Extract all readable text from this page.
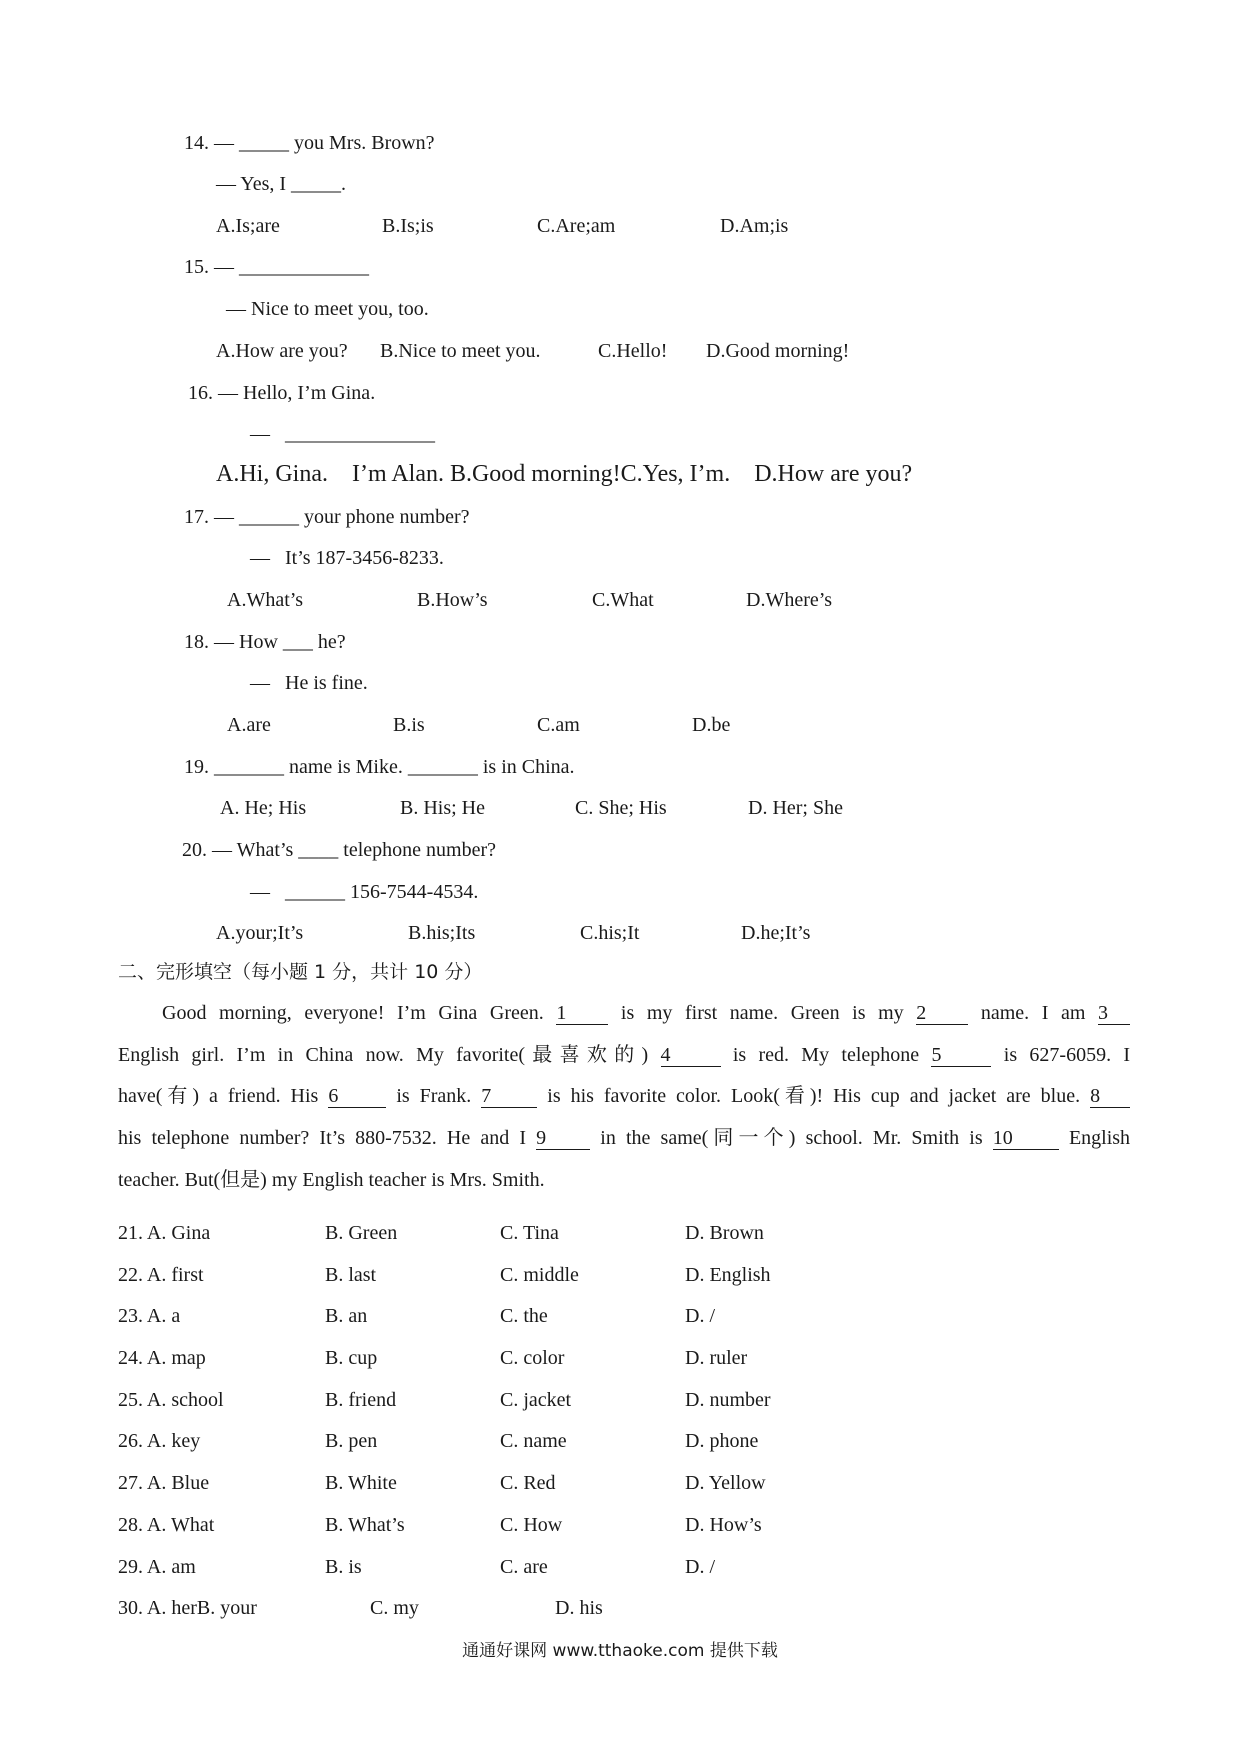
14. — _____ you Mrs. Brown?
— Yes, I _____.
A.Is;are	B.Is;is	C.Are;am	D.Am;is
15. — _____________
— Nice to meet you, too.
A.How are you? B.Nice to meet you.	C.Hello! D.Good morning!
16. — Hello, I’m Gina.
—   _______________
A.Hi, Gina.    I’m Alan. B.Good morning!C.Yes, I’m.    D.How are you?
17. — ______ your phone number?
—   It’s 187-3456-8233.
A.What’s	B.How’s	C.What	D.Where’s
18. — How ___ he?
—   He is fine.
A.are	B.is	C.am	D.be
19. _______ name is Mike. _______ is in China.
A. He; His	B. His; He	C. She; His	D. Her; She
20. — What’s ____ telephone number?
—   ______ 156-7544-4534.
A.your;It’s	B.his;Its	C.his;It	D.he;It’s
二、完形填空（每小题 1 分，共计 10 分）
Good morning, everyone! I’m Gina Green. 1	is my first name. Green is my 2	name. I am 3
English girl. I’m in China now. My favorite(最喜欢的) 4	is red. My telephone 5	is 627-6059. I
have(有) a friend. His 6	is Frank. 7	is his favorite color. Look(看)! His cup and jacket are blue. 8
his telephone number? It’s 880-7532. He and I 9	in the same(同一个) school. Mr. Smith is 10	English
teacher. But(但是) my English teacher is Mrs. Smith.
21. A. Gina	B. Green	C. Tina	D. Brown
22. A. first	B. last	C. middle	D. English
23. A. a	B. an	C. the	D. /
24. A. map	B. cup	C. color	D. ruler
25. A. school	B. friend	C. jacket	D. number
26. A. key	B. pen	C. name	D. phone
27. A. Blue	B. White	C. Red	D. Yellow
28. A. What	B. What’s	C. How	D. How’s
29. A. am	B. is	C. are	D. /
30. A. herB. your	C. my	D. his
通通好课网 www.tthaoke.com 提供下载
